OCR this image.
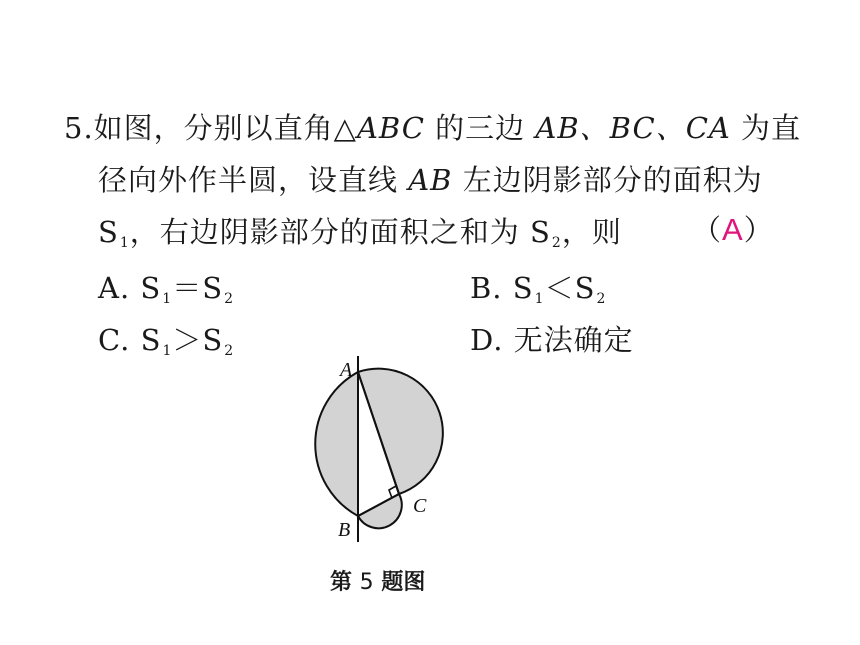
5.如图，分别以直角△ABC 的三边 AB、BC、CA 为直
径向外作半圆，设直线 AB 左边阴影部分的面积为
$S_1$，右边阴影部分的面积之和为 $S_2$，则 （A）
A. $S_1=S_2$	B. $S_1<S_2$
C. $S_1>S_2$	D. 无法确定
A
B
C
第 5 题图
